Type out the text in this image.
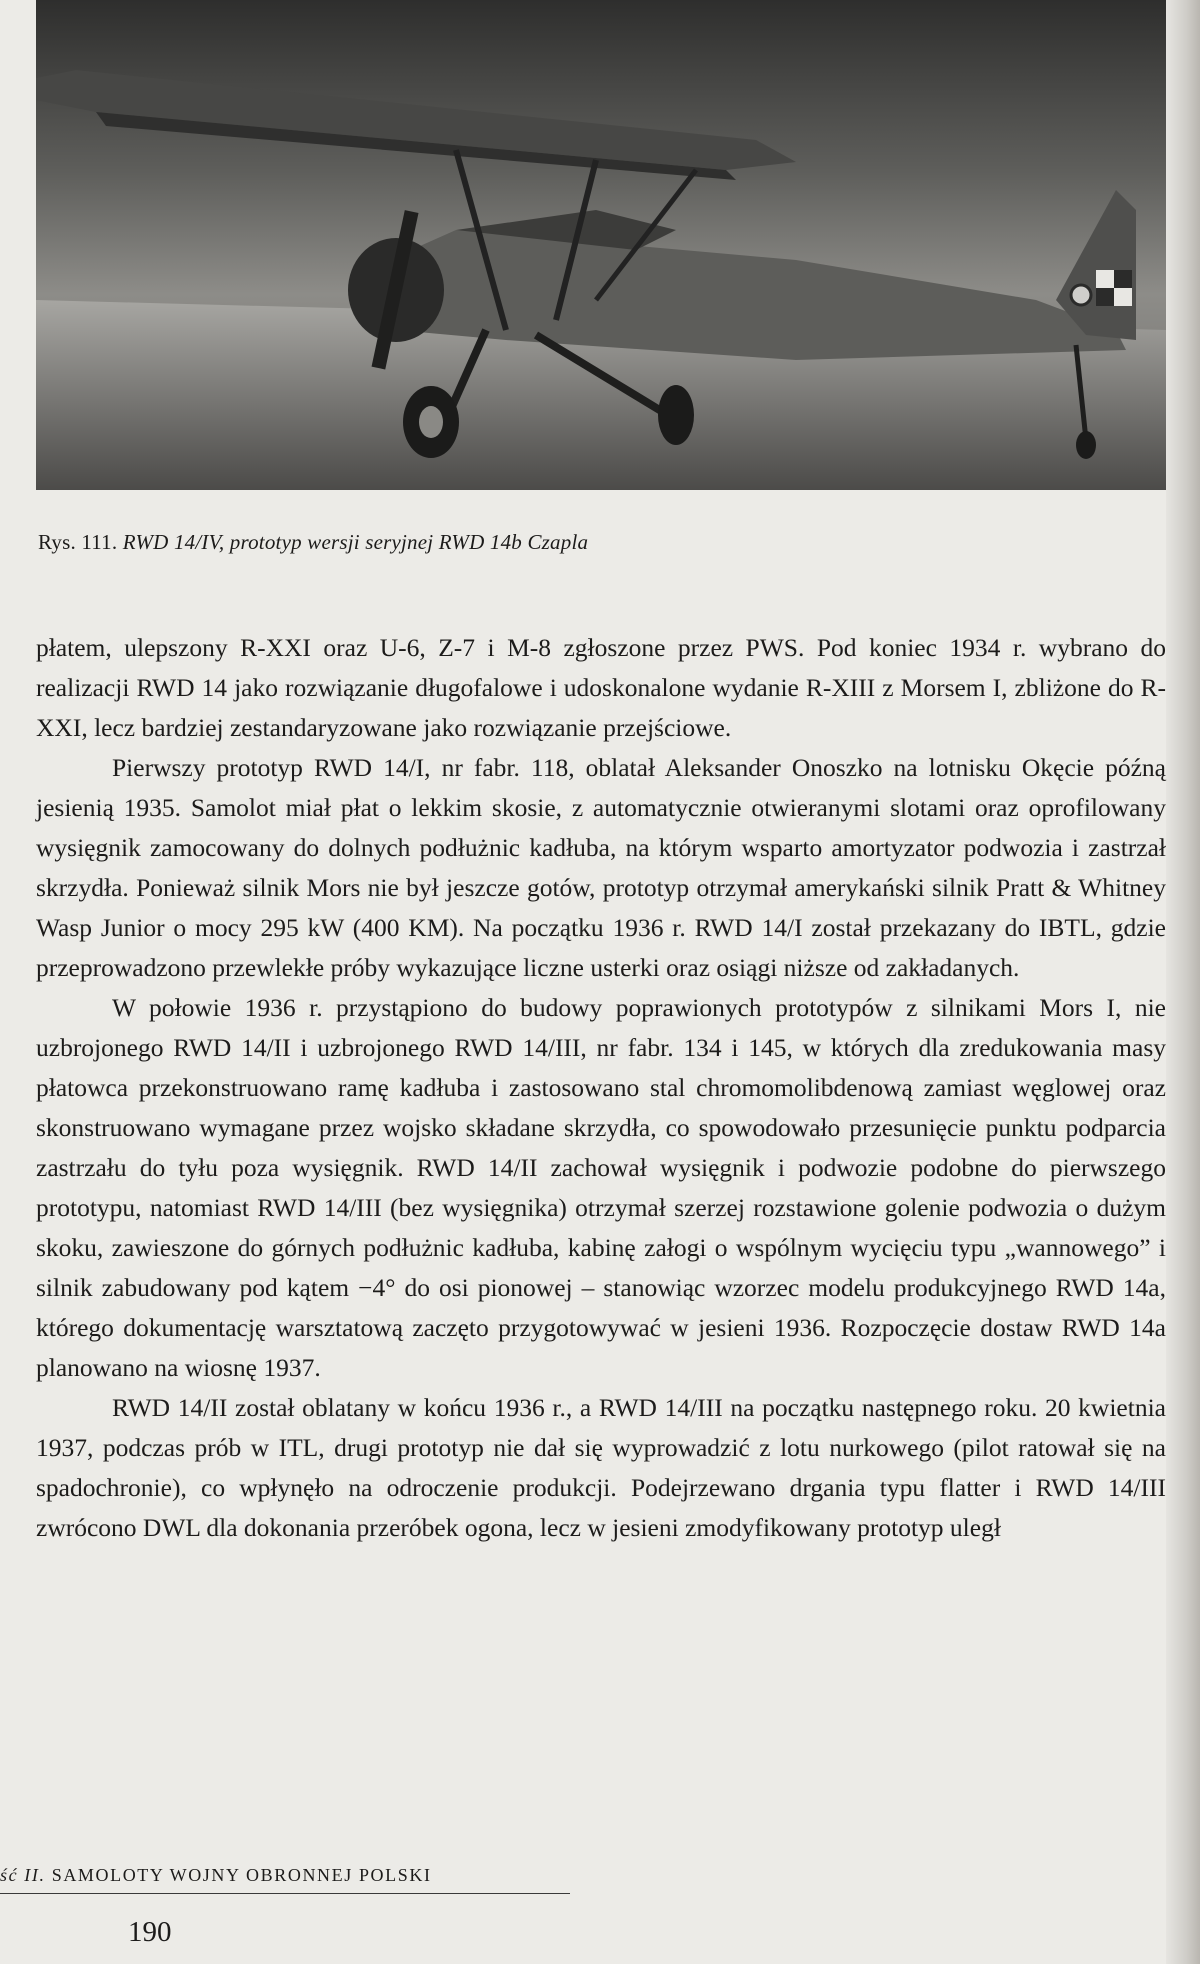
Rys. 111. RWD 14/IV, prototyp wersji seryjnej RWD 14b Czapla

płatem, ulepszony R-XXI oraz U-6, Z-7 i M-8 zgłoszone przez PWS. Pod koniec 1934 r. wybrano do realizacji RWD 14 jako rozwiązanie długofalowe i udoskonalone wydanie R-XIII z Morsem I, zbliżone do R-XXI, lecz bardziej zestandaryzowane jako rozwiązanie przejściowe.

Pierwszy prototyp RWD 14/I, nr fabr. 118, oblatał Aleksander Onoszko na lotnisku Okęcie późną jesienią 1935. Samolot miał płat o lekkim skosie, z automatycznie otwieranymi slotami oraz oprofilowany wysięgnik zamocowany do dolnych podłużnic kadłuba, na którym wsparto amortyzator podwozia i zastrzał skrzydła. Ponieważ silnik Mors nie był jeszcze gotów, prototyp otrzymał amerykański silnik Pratt & Whitney Wasp Junior o mocy 295 kW (400 KM). Na początku 1936 r. RWD 14/I został przekazany do IBTL, gdzie przeprowadzono przewlekłe próby wykazujące liczne usterki oraz osiągi niższe od zakładanych.

W połowie 1936 r. przystąpiono do budowy poprawionych prototypów z silnikami Mors I, nie uzbrojonego RWD 14/II i uzbrojonego RWD 14/III, nr fabr. 134 i 145, w których dla zredukowania masy płatowca przekonstruowano ramę kadłuba i zastosowano stal chromomolibdenową zamiast węglowej oraz skonstruowano wymagane przez wojsko składane skrzydła, co spowodowało przesunięcie punktu podparcia zastrzału do tyłu poza wysięgnik. RWD 14/II zachował wysięgnik i podwozie podobne do pierwszego prototypu, natomiast RWD 14/III (bez wysięgnika) otrzymał szerzej rozstawione golenie podwozia o dużym skoku, zawieszone do górnych podłużnic kadłuba, kabinę załogi o wspólnym wycięciu typu „wannowego” i silnik zabudowany pod kątem −4° do osi pionowej – stanowiąc wzorzec modelu produkcyjnego RWD 14a, którego dokumentację warsztatową zaczęto przygotowywać w jesieni 1936. Rozpoczęcie dostaw RWD 14a planowano na wiosnę 1937.

RWD 14/II został oblatany w końcu 1936 r., a RWD 14/III na początku następnego roku. 20 kwietnia 1937, podczas prób w ITL, drugi prototyp nie dał się wyprowadzić z lotu nurkowego (pilot ratował się na spadochronie), co wpłynęło na odroczenie produkcji. Podejrzewano drgania typu flatter i RWD 14/III zwrócono DWL dla dokonania przeróbek ogona, lecz w jesieni zmodyfikowany prototyp uległ

ść II. SAMOLOTY WOJNY OBRONNEJ POLSKI
190
